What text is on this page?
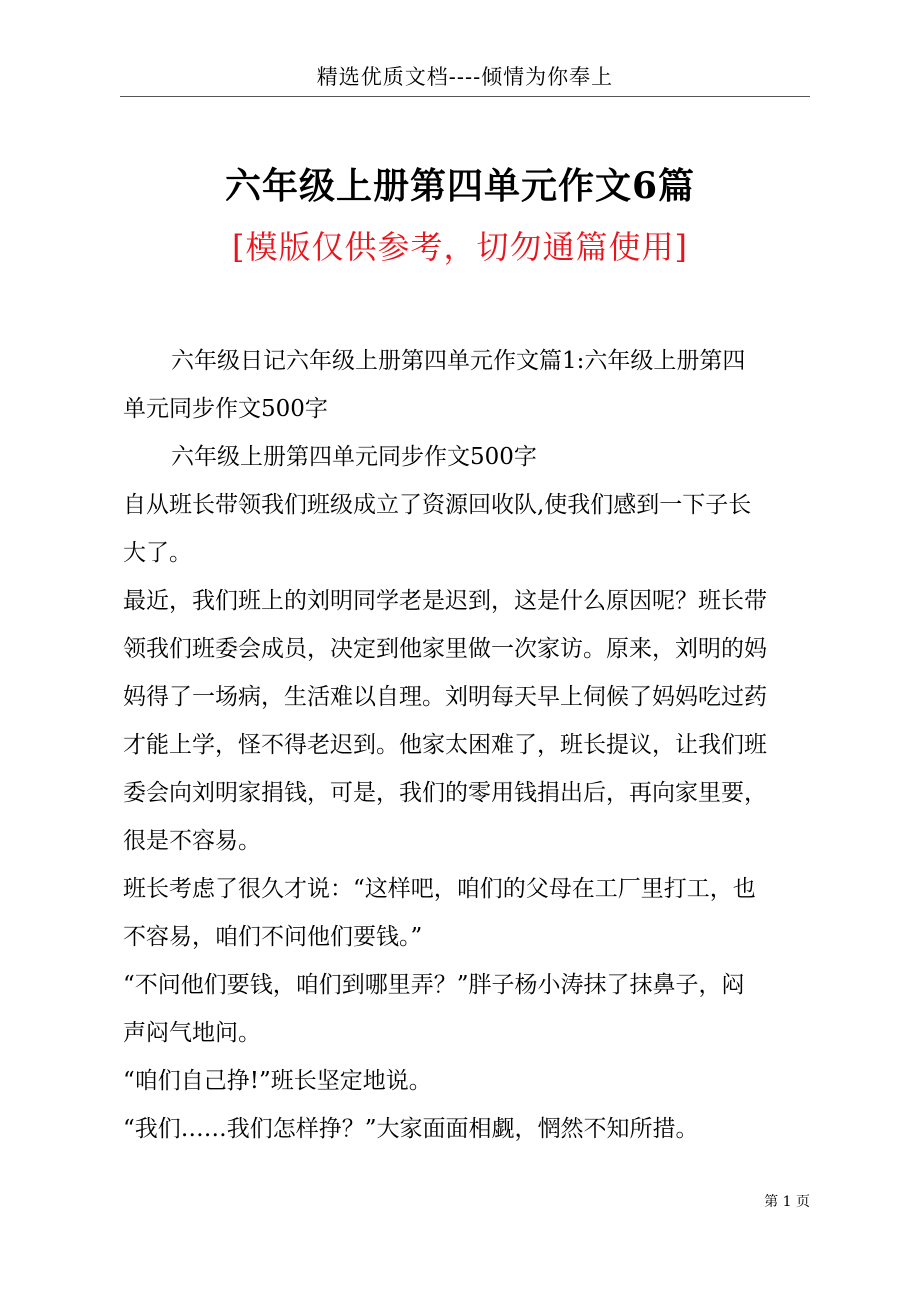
精选优质文档----倾情为你奉上
六年级上册第四单元作文6篇
[模版仅供参考，切勿通篇使用]

六年级日记六年级上册第四单元作文篇1:六年级上册第四

单元同步作文500字

六年级上册第四单元同步作文500字

自从班长带领我们班级成立了资源回收队,使我们感到一下子长

大了。

最近，我们班上的刘明同学老是迟到，这是什么原因呢？班长带

领我们班委会成员，决定到他家里做一次家访。原来，刘明的妈

妈得了一场病，生活难以自理。刘明每天早上伺候了妈妈吃过药

才能上学，怪不得老迟到。他家太困难了，班长提议，让我们班

委会向刘明家捐钱，可是，我们的零用钱捐出后，再向家里要，

很是不容易。

班长考虑了很久才说：“这样吧，咱们的父母在工厂里打工，也

不容易，咱们不问他们要钱。”

“不问他们要钱，咱们到哪里弄？”胖子杨小涛抹了抹鼻子，闷

声闷气地问。

“咱们自己挣!”班长坚定地说。

“我们……我们怎样挣？”大家面面相觑，惘然不知所措。

第 1 页
